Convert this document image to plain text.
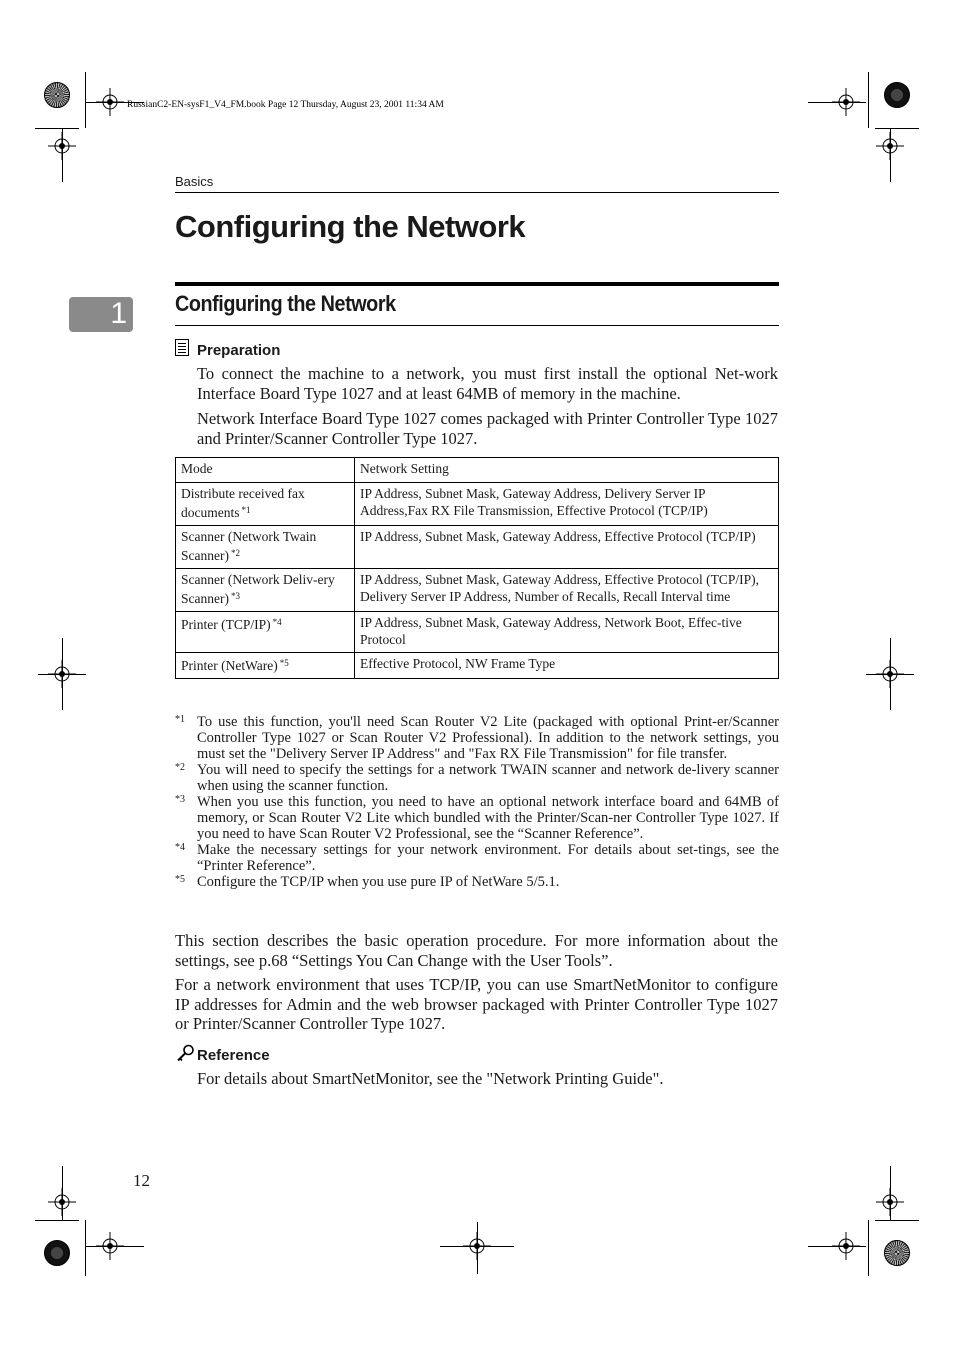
RussianC2-EN-sysF1_V4_FM.book Page 12 Thursday, August 23, 2001 11:34 AM
Basics
Configuring the Network
1 Configuring the Network
Preparation
To connect the machine to a network, you must first install the optional Net-work Interface Board Type 1027 and at least 64MB of memory in the machine.
Network Interface Board Type 1027 comes packaged with Printer Controller Type 1027 and Printer/Scanner Controller Type 1027.
Mode	Network Setting
Distribute received fax documents $^{*1}$	IP Address, Subnet Mask, Gateway Address, Delivery Server IP Address,Fax RX File Transmission, Effective Protocol (TCP/IP)
Scanner (Network Twain Scanner) $^{*2}$	IP Address, Subnet Mask, Gateway Address, Effective Protocol (TCP/IP)
Scanner (Network Deliv-ery Scanner) $^{*3}$	IP Address, Subnet Mask, Gateway Address, Effective Protocol (TCP/IP), Delivery Server IP Address, Number of Recalls, Recall Interval time
Printer (TCP/IP) $^{*4}$	IP Address, Subnet Mask, Gateway Address, Network Boot, Effec-tive Protocol
Printer (NetWare) $^{*5}$	Effective Protocol, NW Frame Type
*1 To use this function, you'll need Scan Router V2 Lite (packaged with optional Print-er/Scanner Controller Type 1027 or Scan Router V2 Professional). In addition to the network settings, you must set the "Delivery Server IP Address" and "Fax RX File Transmission" for file transfer.
*2 You will need to specify the settings for a network TWAIN scanner and network de-livery scanner when using the scanner function.
*3 When you use this function, you need to have an optional network interface board and 64MB of memory, or Scan Router V2 Lite which bundled with the Printer/Scan-ner Controller Type 1027. If you need to have Scan Router V2 Professional, see the “Scanner Reference”.
*4 Make the necessary settings for your network environment. For details about set-tings, see the “Printer Reference”.
*5 Configure the TCP/IP when you use pure IP of NetWare 5/5.1.
This section describes the basic operation procedure. For more information about the settings, see p.68 “Settings You Can Change with the User Tools”.
For a network environment that uses TCP/IP, you can use SmartNetMonitor to configure IP addresses for Admin and the web browser packaged with Printer Controller Type 1027 or Printer/Scanner Controller Type 1027.
Reference
For details about SmartNetMonitor, see the "Network Printing Guide".
12
